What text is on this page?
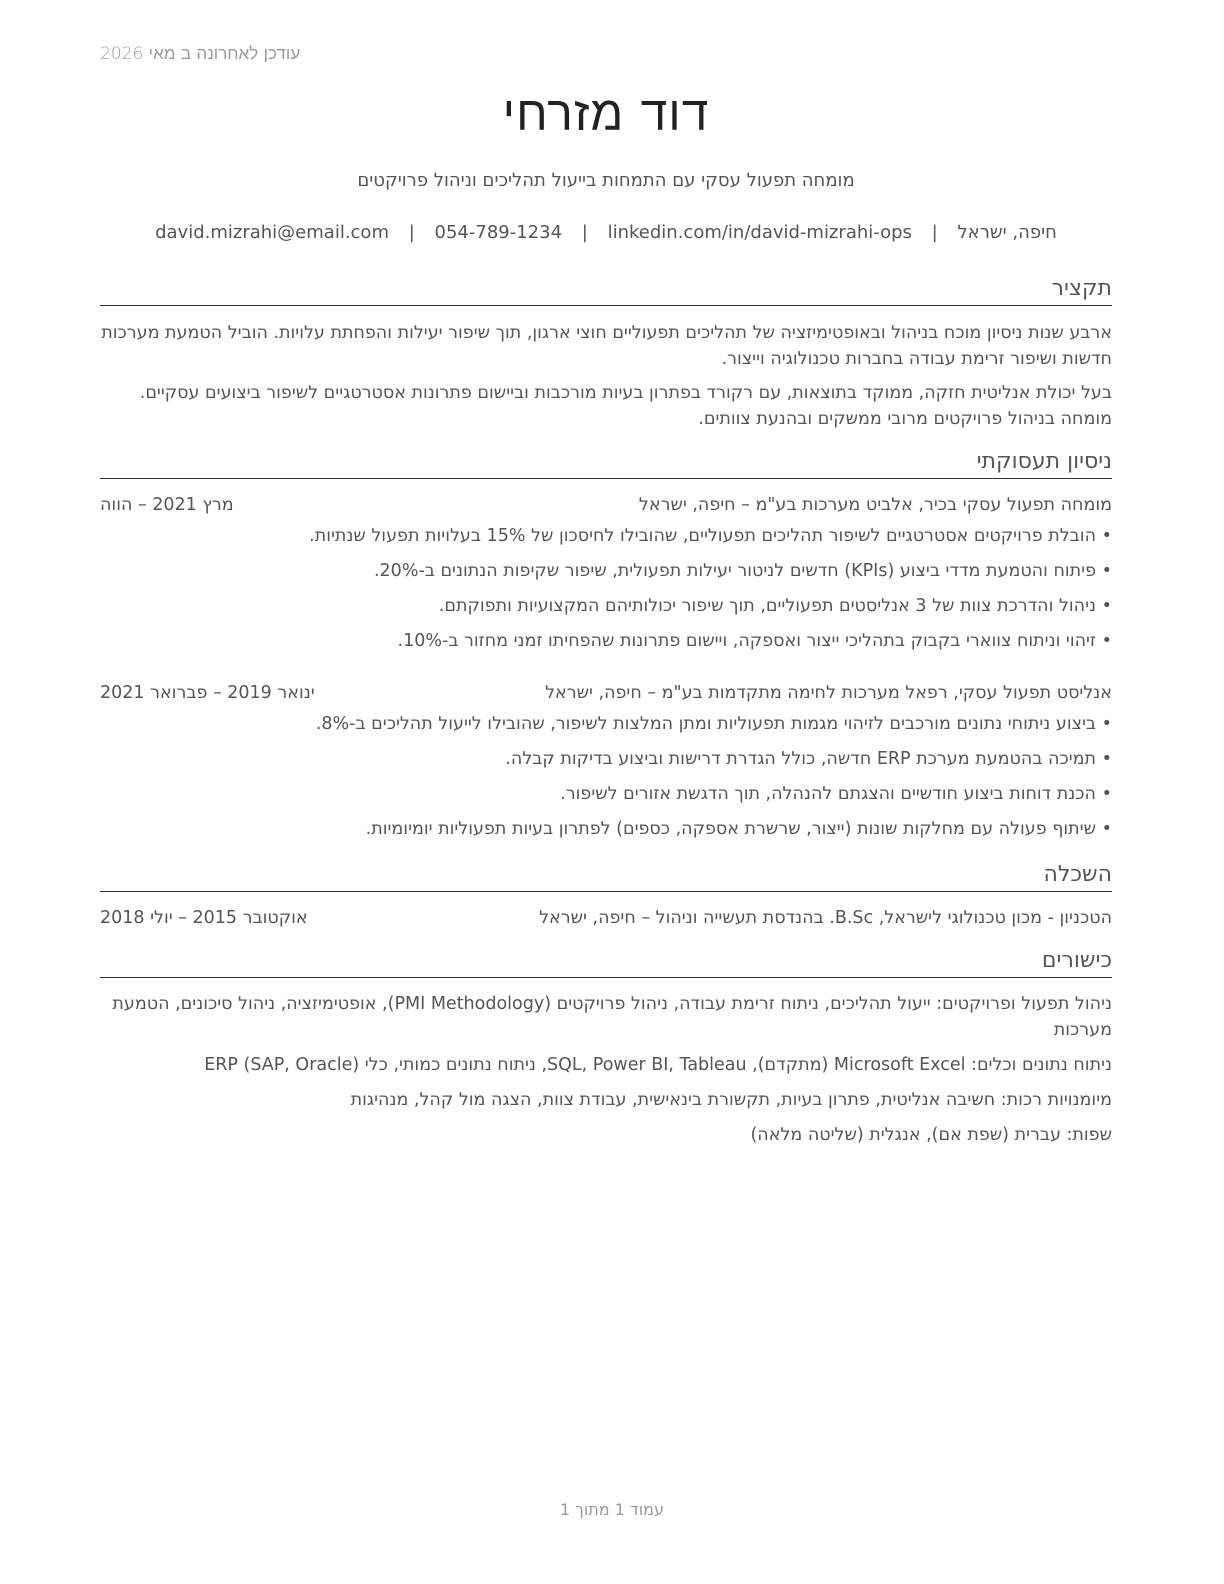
עודכן לאחרונה ב מאי 2026
דוד מזרחי
מומחה תפעול עסקי עם התמחות בייעול תהליכים וניהול פרויקטים
חיפה, ישראל | david.mizrahi@email.com | 054-789-1234 | linkedin.com/in/david-mizrahi-ops
תקציר
ארבע שנות ניסיון מוכח בניהול ובאופטימיזציה של תהליכים תפעוליים חוצי ארגון, תוך שיפור יעילות והפחתת עלויות. הוביל הטמעת מערכות חדשות ושיפור זרימת עבודה בחברות טכנולוגיה וייצור.
בעל יכולת אנליטית חזקה, ממוקד בתוצאות, עם רקורד בפתרון בעיות מורכבות וביישום פתרונות אסטרטגיים לשיפור ביצועים עסקיים. מומחה בניהול פרויקטים מרובי ממשקים ובהנעת צוותים.
ניסיון תעסוקתי
מומחה תפעול עסקי בכיר, אלביט מערכות בע"מ – חיפה, ישראל
מרץ 2021 – הווה
• הובלת פרויקטים אסטרטגיים לשיפור תהליכים תפעוליים, שהובילו לחיסכון של 15% בעלויות תפעול שנתיות.
• פיתוח והטמעת מדדי ביצוע (KPIs) חדשים לניטור יעילות תפעולית, שיפור שקיפות הנתונים ב-20%.
• ניהול והדרכת צוות של 3 אנליסטים תפעוליים, תוך שיפור יכולותיהם המקצועיות ותפוקתם.
• זיהוי וניתוח צווארי בקבוק בתהליכי ייצור ואספקה, ויישום פתרונות שהפחיתו זמני מחזור ב-10%.
אנליסט תפעול עסקי, רפאל מערכות לחימה מתקדמות בע"מ – חיפה, ישראל
ינואר 2019 – פברואר 2021
• ביצוע ניתוחי נתונים מורכבים לזיהוי מגמות תפעוליות ומתן המלצות לשיפור, שהובילו לייעול תהליכים ב-8%.
• תמיכה בהטמעת מערכת ERP חדשה, כולל הגדרת דרישות וביצוע בדיקות קבלה.
• הכנת דוחות ביצוע חודשיים והצגתם להנהלה, תוך הדגשת אזורים לשיפור.
• שיתוף פעולה עם מחלקות שונות (ייצור, שרשרת אספקה, כספים) לפתרון בעיות תפעוליות יומיומיות.
השכלה
הטכניון - מכון טכנולוגי לישראל, B.Sc. בהנדסת תעשייה וניהול – חיפה, ישראל
אוקטובר 2015 – יולי 2018
כישורים
ניהול תפעול ופרויקטים: ייעול תהליכים, ניתוח זרימת עבודה, ניהול פרויקטים (PMI Methodology), אופטימיזציה, ניהול סיכונים, הטמעת מערכות
ניתוח נתונים וכלים: Microsoft Excel (מתקדם), SQL, Power BI, Tableau, ניתוח נתונים כמותי, כלי ERP (SAP, Oracle)
מיומנויות רכות: חשיבה אנליטית, פתרון בעיות, תקשורת בינאישית, עבודת צוות, הצגה מול קהל, מנהיגות
שפות: עברית (שפת אם), אנגלית (שליטה מלאה)
עמוד 1 מתוך 1
